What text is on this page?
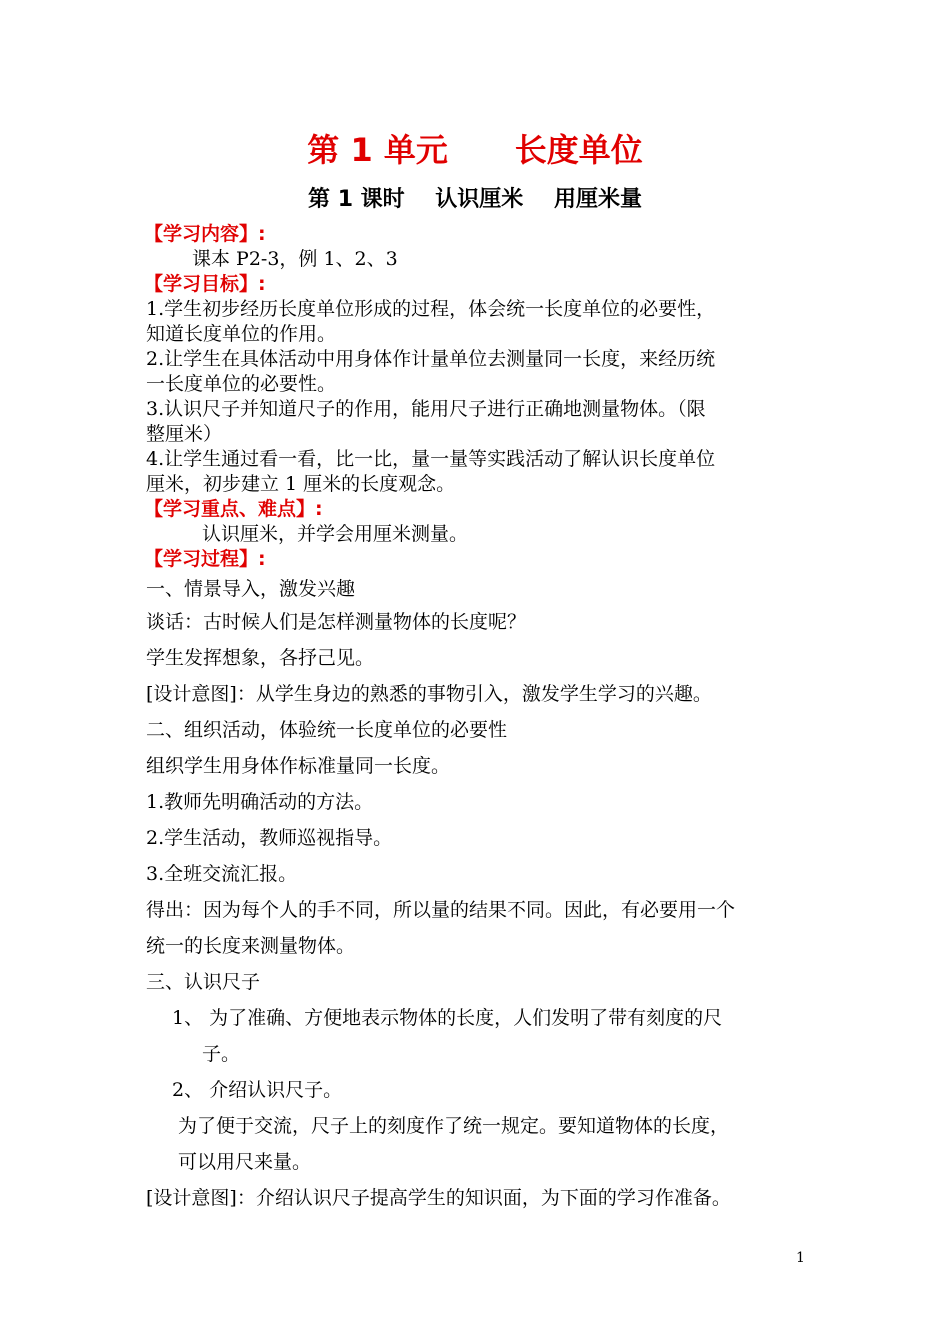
第 1 单元      长度单位
第 1 课时    认识厘米    用厘米量
【学习内容】:
课本 P2-3，例 1、2、3
【学习目标】:
1.学生初步经历长度单位形成的过程，体会统一长度单位的必要性，
知道长度单位的作用。
2.让学生在具体活动中用身体作计量单位去测量同一长度，来经历统
一长度单位的必要性。
3.认识尺子并知道尺子的作用，能用尺子进行正确地测量物体。（限
整厘米）
4.让学生通过看一看，比一比，量一量等实践活动了解认识长度单位
厘米，初步建立 1 厘米的长度观念。
【学习重点、难点】:
认识厘米，并学会用厘米测量。
【学习过程】:
一、情景导入，激发兴趣
谈话：古时候人们是怎样测量物体的长度呢？
学生发挥想象，各抒己见。
[设计意图]：从学生身边的熟悉的事物引入，激发学生学习的兴趣。
二、组织活动，体验统一长度单位的必要性
组织学生用身体作标准量同一长度。
1.教师先明确活动的方法。
2.学生活动，教师巡视指导。
3.全班交流汇报。
得出：因为每个人的手不同，所以量的结果不同。因此，有必要用一个
统一的长度来测量物体。
三、认识尺子
1、 为了准确、方便地表示物体的长度，人们发明了带有刻度的尺
子。
2、 介绍认识尺子。
为了便于交流，尺子上的刻度作了统一规定。要知道物体的长度，
可以用尺来量。
[设计意图]：介绍认识尺子提高学生的知识面，为下面的学习作准备。
1
